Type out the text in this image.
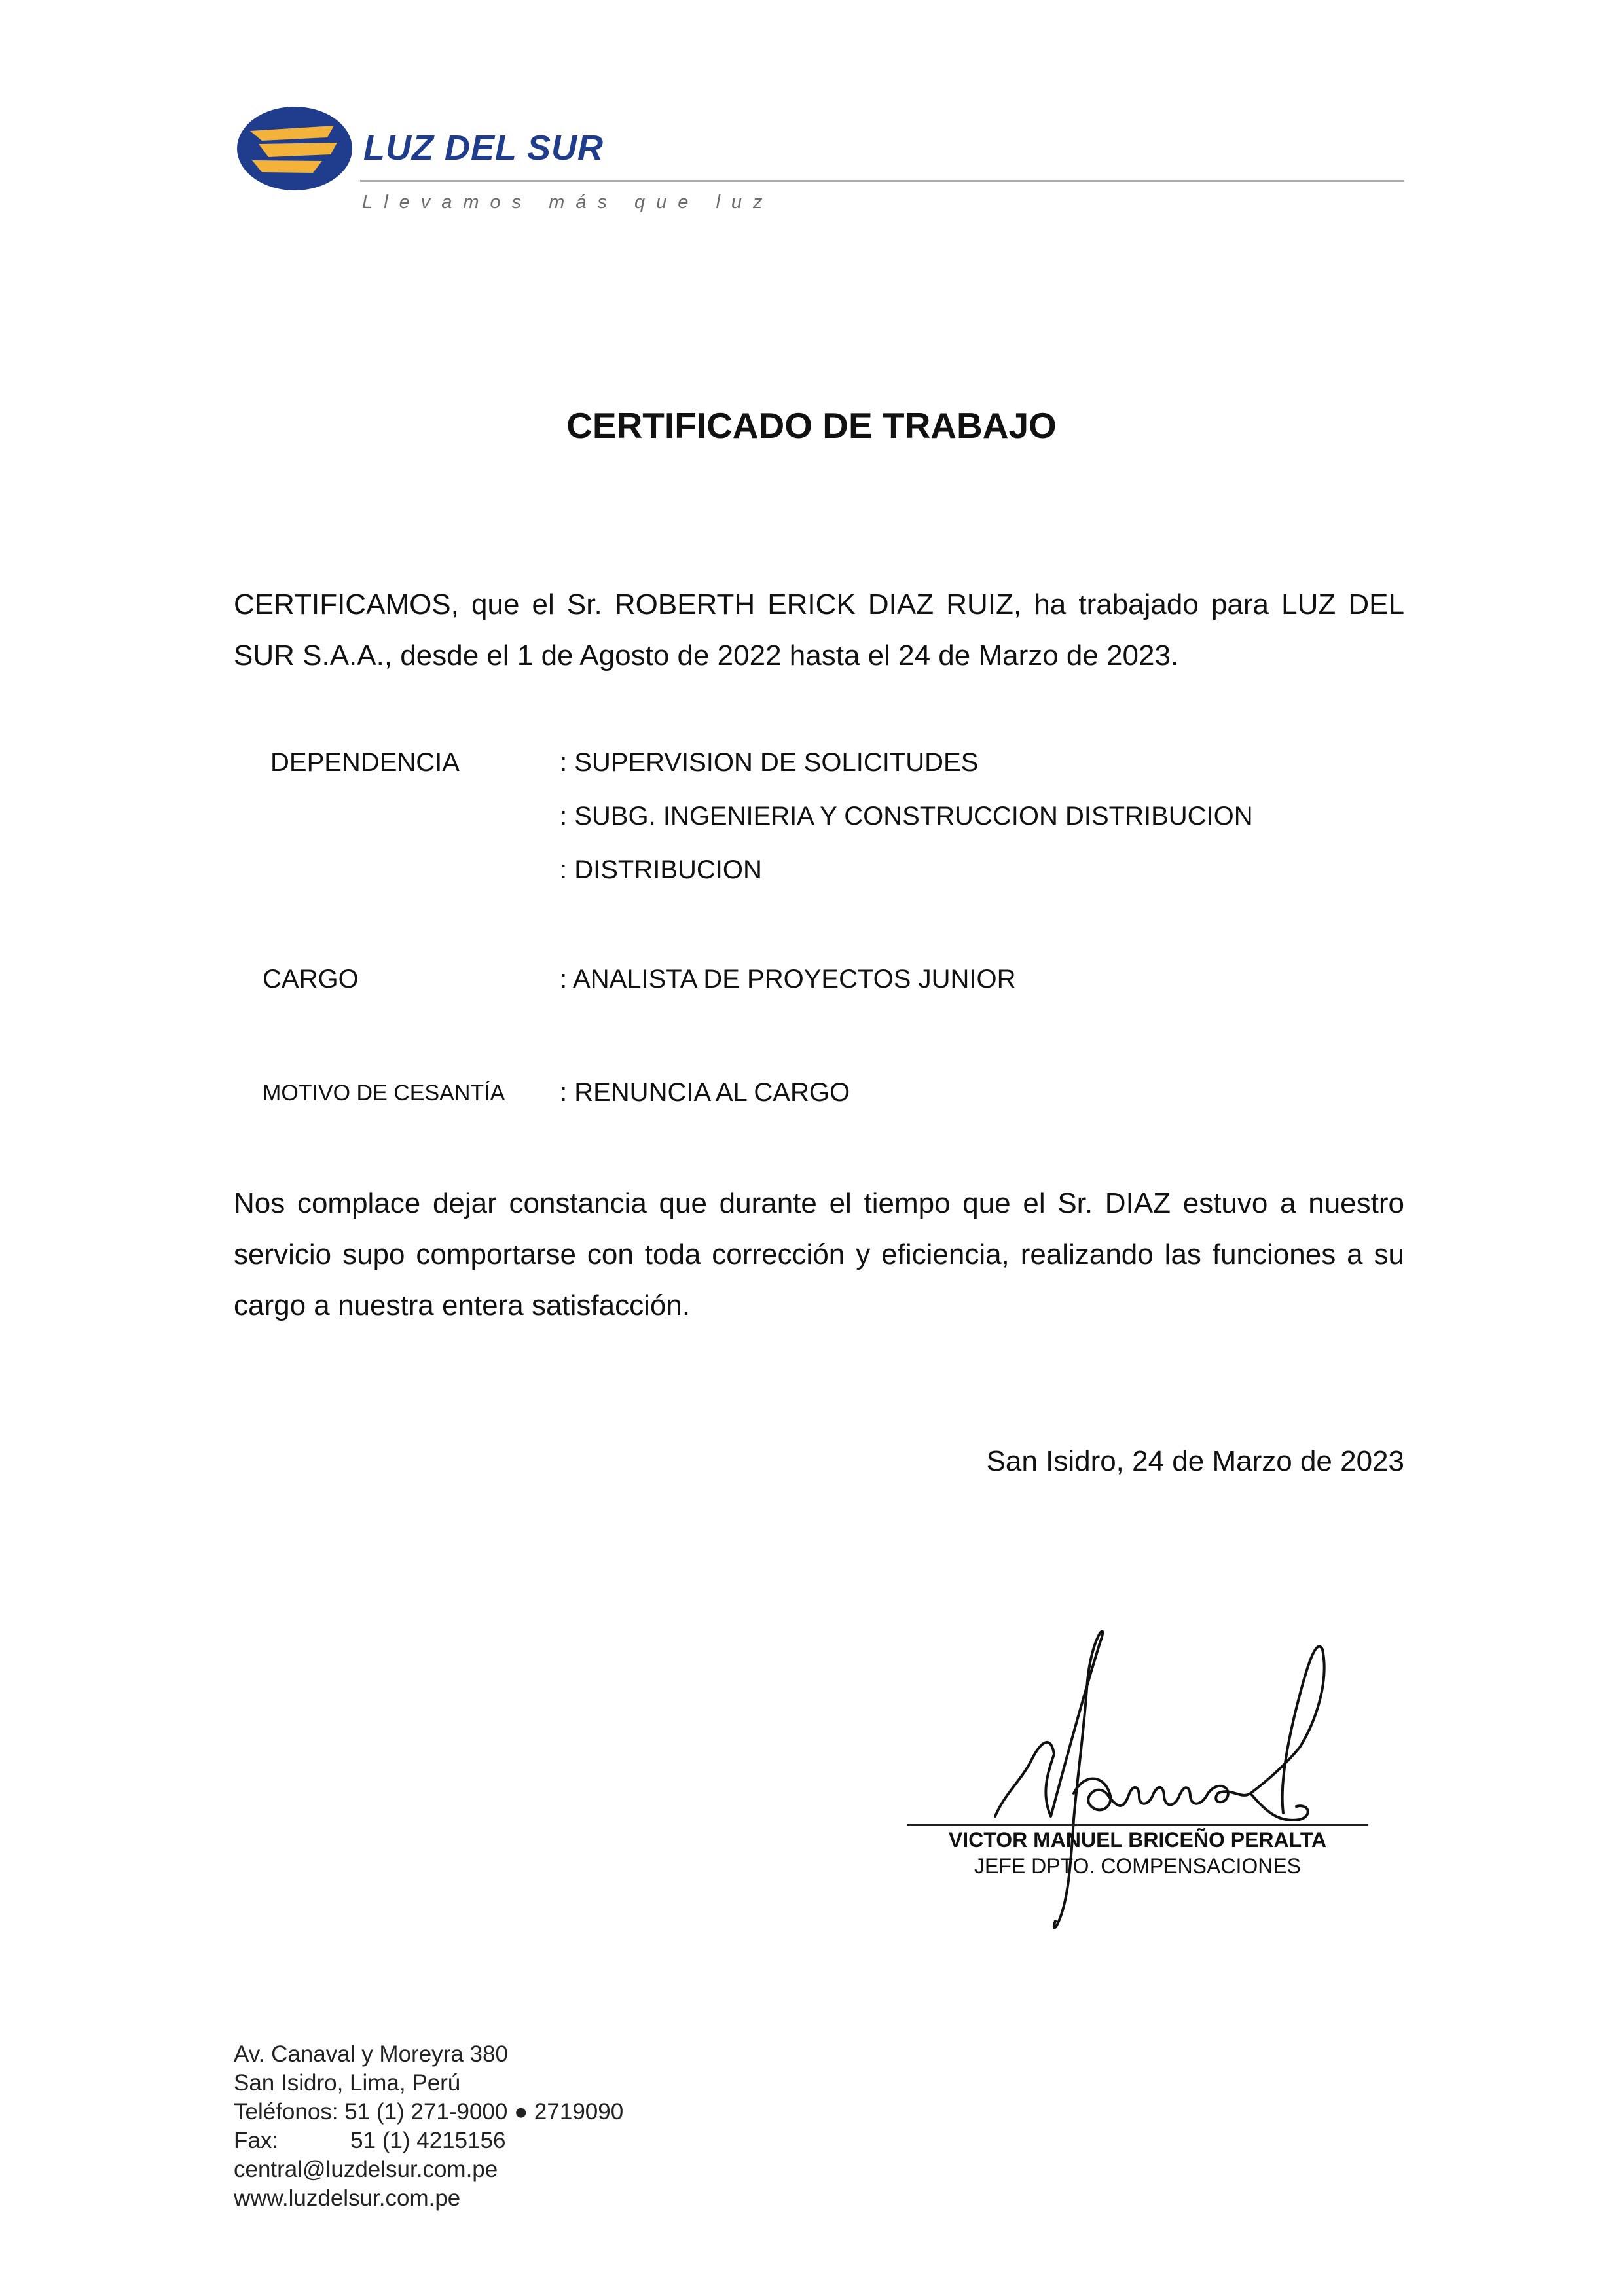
LUZ DEL SUR
Llevamos más que luz
CERTIFICADO DE TRABAJO
CERTIFICAMOS, que el Sr. ROBERTH ERICK DIAZ RUIZ, ha trabajado para LUZ DEL SUR S.A.A., desde el 1 de Agosto de 2022 hasta el 24 de Marzo de 2023.
DEPENDENCIA	: SUPERVISION DE SOLICITUDES
: SUBG. INGENIERIA Y CONSTRUCCION DISTRIBUCION
: DISTRIBUCION
CARGO	: ANALISTA DE PROYECTOS JUNIOR
MOTIVO DE CESANTÍA : RENUNCIA AL CARGO
Nos complace dejar constancia que durante el tiempo que el Sr. DIAZ estuvo a nuestro servicio supo comportarse con toda corrección y eficiencia, realizando las funciones a su cargo a nuestra entera satisfacción.
San Isidro, 24 de Marzo de 2023
VICTOR MANUEL BRICEÑO PERALTA
JEFE DPTO. COMPENSACIONES
Av. Canaval y Moreyra 380
San Isidro, Lima, Perú
Teléfonos: 51 (1) 271-9000 ● 2719090
Fax:	51 (1) 4215156
central@luzdelsur.com.pe
www.luzdelsur.com.pe
